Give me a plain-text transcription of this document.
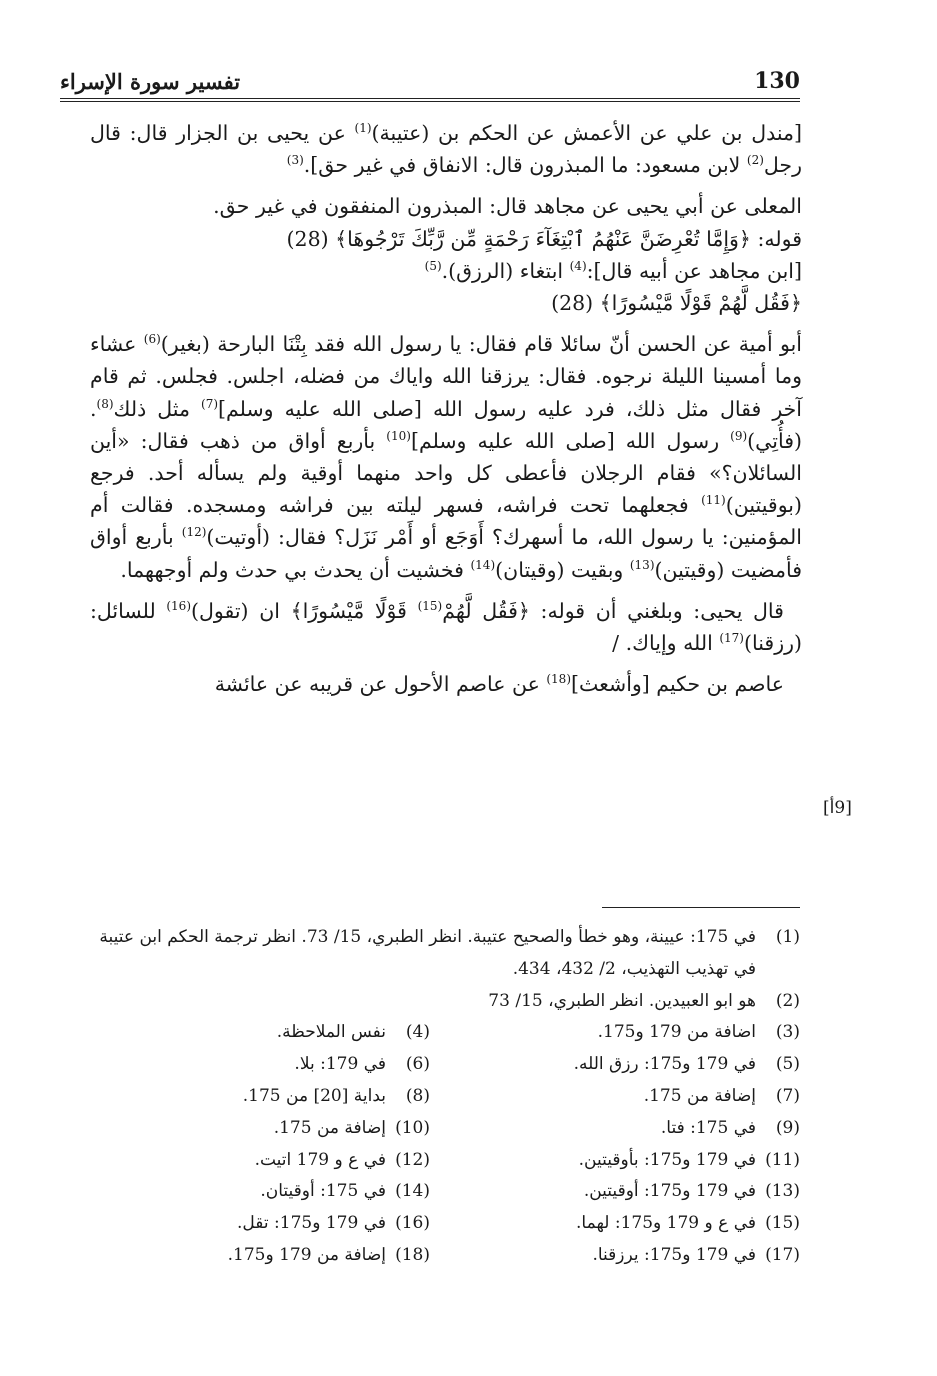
130
تفسير سورة الإسراء

[مندل بن علي عن الأعمش عن الحكم بن (عتيبة)$^{(1)}$ عن يحيى بن الجزار قال: قال رجل$^{(2)}$ لابن مسعود: ما المبذرون قال: الانفاق في غير حق].$^{(3)}$

المعلى عن أبي يحيى عن مجاهد قال: المبذرون المنفقون في غير حق.

قوله: ﴿وَإِمَّا تُعْرِضَنَّ عَنْهُمُ ٱبْتِغَآءَ رَحْمَةٍ مِّن رَّبِّكَ تَرْجُوهَا﴾ (28)

[ابن مجاهد عن أبيه قال]:$^{(4)}$ ابتغاء (الرزق).$^{(5)}$

﴿فَقُل لَّهُمْ قَوْلًا مَّيْسُورًا﴾ (28)

أبو أمية عن الحسن أنّ سائلا قام فقال: يا رسول الله فقد بِتْنَا البارحة (بغير)$^{(6)}$ عشاء وما أمسينا الليلة نرجوه. فقال: يرزقنا الله واياك من فضله، اجلس. فجلس. ثم قام آخر فقال مثل ذلك، فرد عليه رسول الله [صلى الله عليه وسلم]$^{(7)}$ مثل ذلك$^{(8)}$. (فأُتِي)$^{(9)}$ رسول الله [صلى الله عليه وسلم]$^{(10)}$ بأربع أواق من ذهب فقال: «أين السائلان؟» فقام الرجلان فأعطى كل واحد منهما أوقية ولم يسأله أحد. فرجع (بوقيتين)$^{(11)}$ فجعلهما تحت فراشه، فسهر ليلته بين فراشه ومسجده. فقالت أم المؤمنين: يا رسول الله، ما أسهرك؟ أَوَجَع أو أَمْر نَزَل؟ فقال: (أوتيت)$^{(12)}$ بأربع أواق فأمضيت (وقيتين)$^{(13)}$ وبقيت (وقيتان)$^{(14)}$ فخشيت أن يحدث بي حدث ولم أوجههما.

قال يحيى: وبلغني أن قوله: ﴿فَقُل لَّهُمْ$^{(15)}$ قَوْلًا مَّيْسُورًا﴾ ان (تقول)$^{(16)}$ للسائل: (رزقنا)$^{(17)}$ الله وإياك. /

عاصم بن حكيم [وأشعث]$^{(18)}$ عن عاصم الأحول عن قريبه عن عائشة

[9أ]
(1)
في 175: عيينة، وهو خطأ والصحيح عتيبة. انظر الطبري، 15/ 73. انظر ترجمة الحكم ابن عتيبة في تهذيب التهذيب، 2/ 432، 434.
(2)
هو ابو العبيدين. انظر الطبري، 15/ 73
(3)
اضافة من 179 و175.
(4)
نفس الملاحظة.
(5)
في 179 و175: رزق الله.
(6)
في 179: بلا.
(7)
إضافة من 175.
(8)
بداية [20] من 175.
(9)
في 175: فتا.
(10)
إضافة من 175.
(11)
في 179 و175: بأوقيتين.
(12)
في ع و 179 اتيت.
(13)
في 179 و175: أوقيتين.
(14)
في 175: أوقيتان.
(15)
في ع و 179 و175: لهما.
(16)
في 179 و175: تقل.
(17)
في 179 و175: يرزقنا.
(18)
إضافة من 179 و175.
